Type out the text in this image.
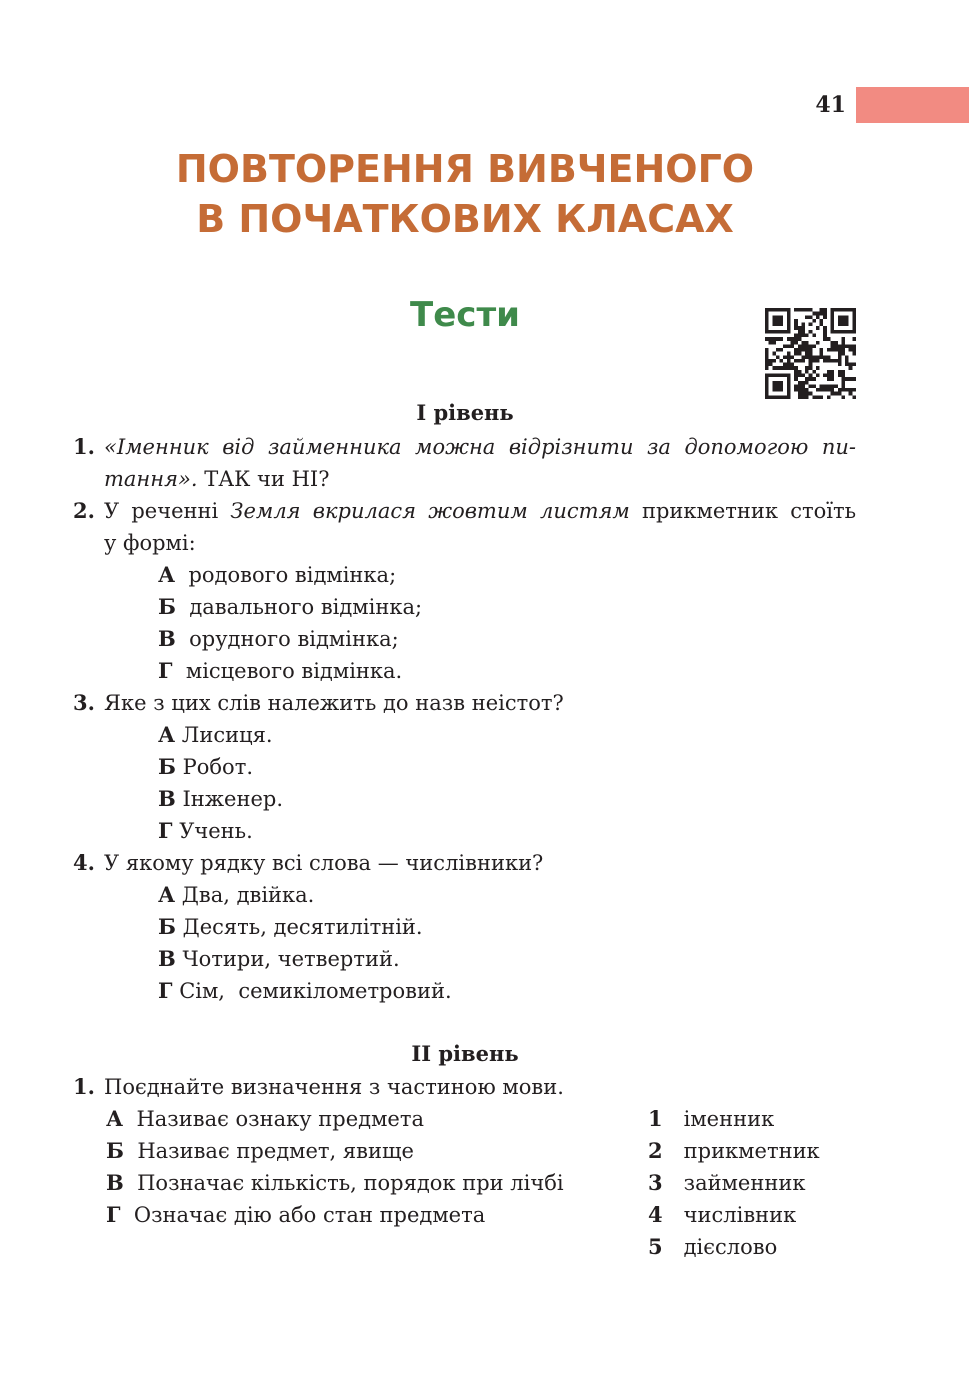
41
ПОВТОРЕННЯ ВИВЧЕНОГО
В ПОЧАТКОВИХ КЛАСАХ
Тести
І рівень
1. «Іменник від займенника можна відрізнити за допомогою пи-
тання». ТАК чи НІ?
2. У реченні Земля вкрилася жовтим листям прикметник стоїть
у формі:
А родового відмінка;
Б давального відмінка;
В орудного відмінка;
Г місцевого відмінка.
3. Яке з цих слів належить до назв неістот?
А Лисиця.
Б Робот.
В Інженер.
Г Учень.
4. У якому рядку всі слова — числівники?
А Два, двійка.
Б Десять, десятилітній.
В Чотири, четвертий.
Г Сім,  семикілометровий.
ІІ рівень
1. Поєднайте визначення з частиною мови.
А Називає ознаку предмета
Б Називає предмет, явище
В Позначає кількість, порядок при лічбі
Г Означає дію або стан предмета
1 іменник
2 прикметник
3 займенник
4 числівник
5 дієслово
